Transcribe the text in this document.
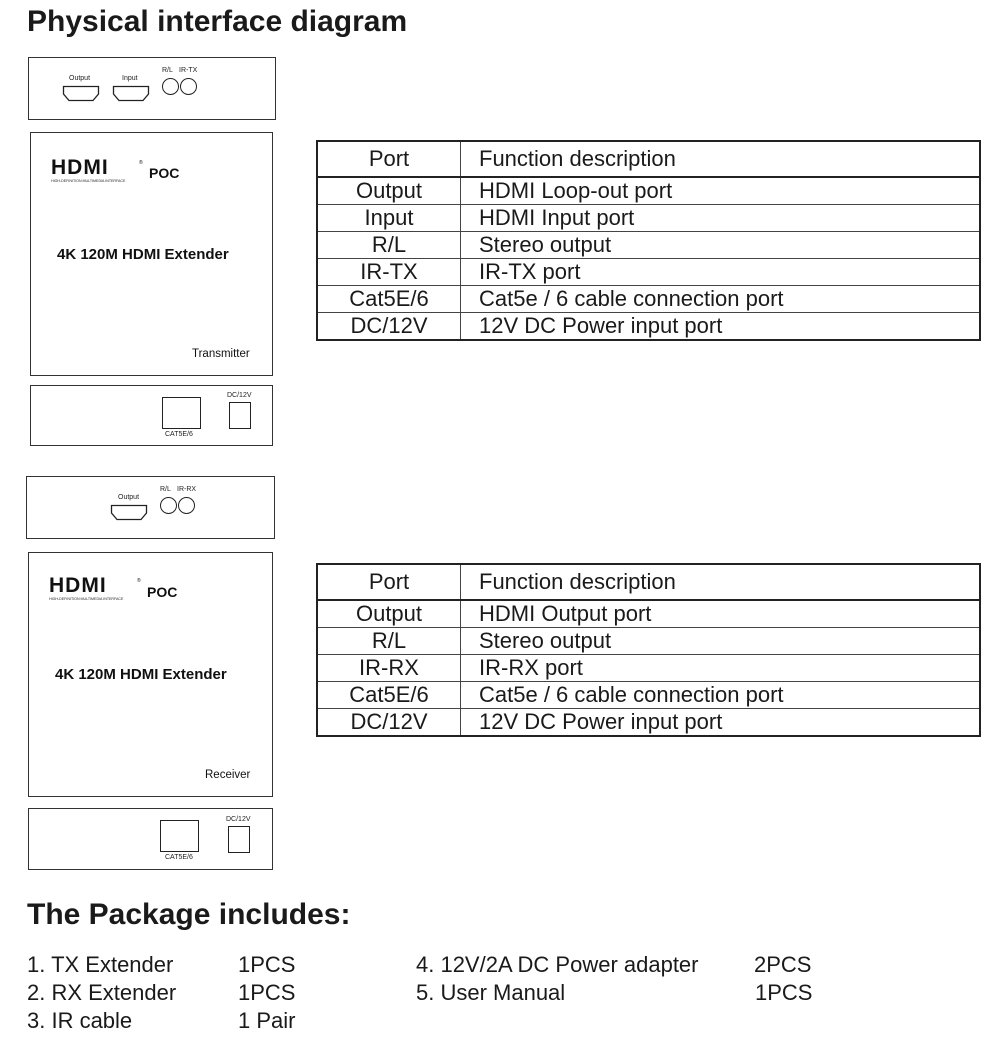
Physical interface diagram
The Package includes:
Output	Input
R/L IR-TX
HDMI	®
HIGH-DEFINITION MULTIMEDIA INTERFACE POC
4K 120M HDMI Extender
Transmitter
CAT5E/6
DC/12V
Output
R/L IR-RX
HDMI	®
HIGH-DEFINITION MULTIMEDIA INTERFACE POC
4K 120M HDMI Extender
Receiver
CAT5E/6
DC/12V
Port	Function description
Output	HDMI Loop-out port
Input	HDMI Input port
R/L	Stereo output
IR-TX	IR-TX port
Cat5E/6	Cat5e / 6 cable connection port
DC/12V	12V DC Power input port
Port	Function description
Output	HDMI Output port
R/L	Stereo output
IR-RX	IR-RX port
Cat5E/6	Cat5e / 6 cable connection port
DC/12V	12V DC Power input port
1. TX Extender	1PCS
2. RX Extender	1PCS
3. IR cable	1 Pair
4. 12V/2A DC Power adapter	2PCS
5. User Manual	1PCS
